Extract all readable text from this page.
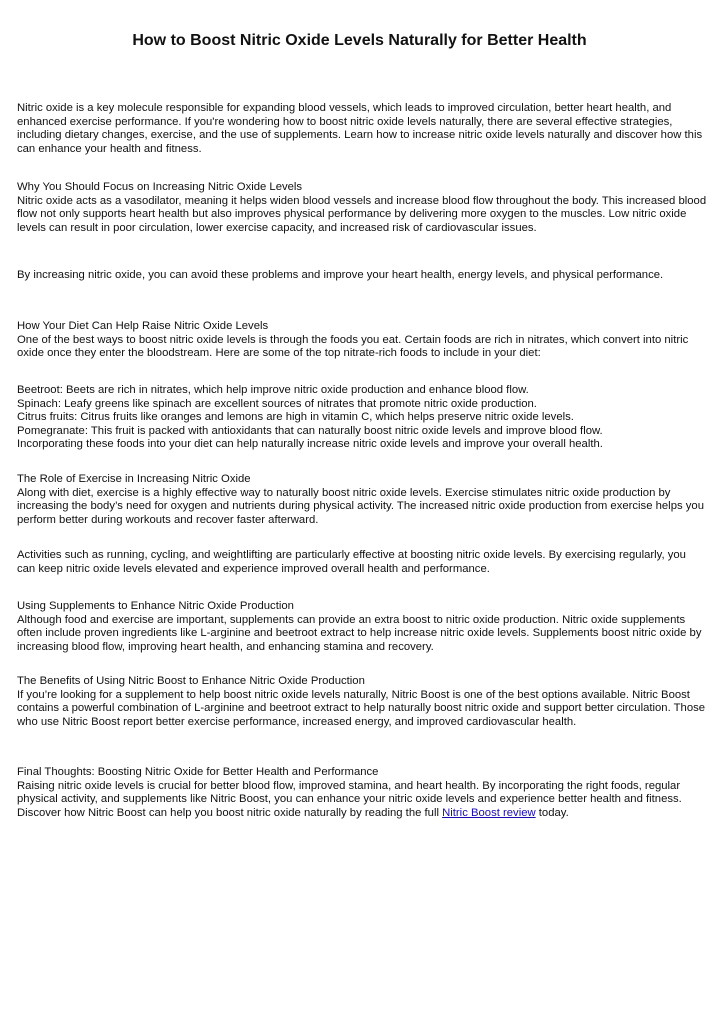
How to Boost Nitric Oxide Levels Naturally for Better Health

Nitric oxide is a key molecule responsible for expanding blood vessels, which leads to improved circulation, better heart health, and enhanced exercise performance. If you're wondering how to boost nitric oxide levels naturally, there are several effective strategies, including dietary changes, exercise, and the use of supplements. Learn how to increase nitric oxide levels naturally and discover how this can enhance your health and fitness.

Why You Should Focus on Increasing Nitric Oxide Levels

Nitric oxide acts as a vasodilator, meaning it helps widen blood vessels and increase blood flow throughout the body. This increased blood flow not only supports heart health but also improves physical performance by delivering more oxygen to the muscles. Low nitric oxide levels can result in poor circulation, lower exercise capacity, and increased risk of cardiovascular issues.

By increasing nitric oxide, you can avoid these problems and improve your heart health, energy levels, and physical performance.

How Your Diet Can Help Raise Nitric Oxide Levels

One of the best ways to boost nitric oxide levels is through the foods you eat. Certain foods are rich in nitrates, which convert into nitric oxide once they enter the bloodstream. Here are some of the top nitrate-rich foods to include in your diet:

Beetroot: Beets are rich in nitrates, which help improve nitric oxide production and enhance blood flow.

Spinach: Leafy greens like spinach are excellent sources of nitrates that promote nitric oxide production.

Citrus fruits: Citrus fruits like oranges and lemons are high in vitamin C, which helps preserve nitric oxide levels.

Pomegranate: This fruit is packed with antioxidants that can naturally boost nitric oxide levels and improve blood flow.

Incorporating these foods into your diet can help naturally increase nitric oxide levels and improve your overall health.

The Role of Exercise in Increasing Nitric Oxide

Along with diet, exercise is a highly effective way to naturally boost nitric oxide levels. Exercise stimulates nitric oxide production by increasing the body’s need for oxygen and nutrients during physical activity. The increased nitric oxide production from exercise helps you perform better during workouts and recover faster afterward.

Activities such as running, cycling, and weightlifting are particularly effective at boosting nitric oxide levels. By exercising regularly, you can keep nitric oxide levels elevated and experience improved overall health and performance.

Using Supplements to Enhance Nitric Oxide Production

Although food and exercise are important, supplements can provide an extra boost to nitric oxide production. Nitric oxide supplements often include proven ingredients like L-arginine and beetroot extract to help increase nitric oxide levels. Supplements boost nitric oxide by increasing blood flow, improving heart health, and enhancing stamina and recovery.

The Benefits of Using Nitric Boost to Enhance Nitric Oxide Production

If you’re looking for a supplement to help boost nitric oxide levels naturally, Nitric Boost is one of the best options available. Nitric Boost contains a powerful combination of L-arginine and beetroot extract to help naturally boost nitric oxide and support better circulation. Those who use Nitric Boost report better exercise performance, increased energy, and improved cardiovascular health.

Final Thoughts: Boosting Nitric Oxide for Better Health and Performance

Raising nitric oxide levels is crucial for better blood flow, improved stamina, and heart health. By incorporating the right foods, regular physical activity, and supplements like Nitric Boost, you can enhance your nitric oxide levels and experience better health and fitness. Discover how Nitric Boost can help you boost nitric oxide naturally by reading the full Nitric Boost review today.
